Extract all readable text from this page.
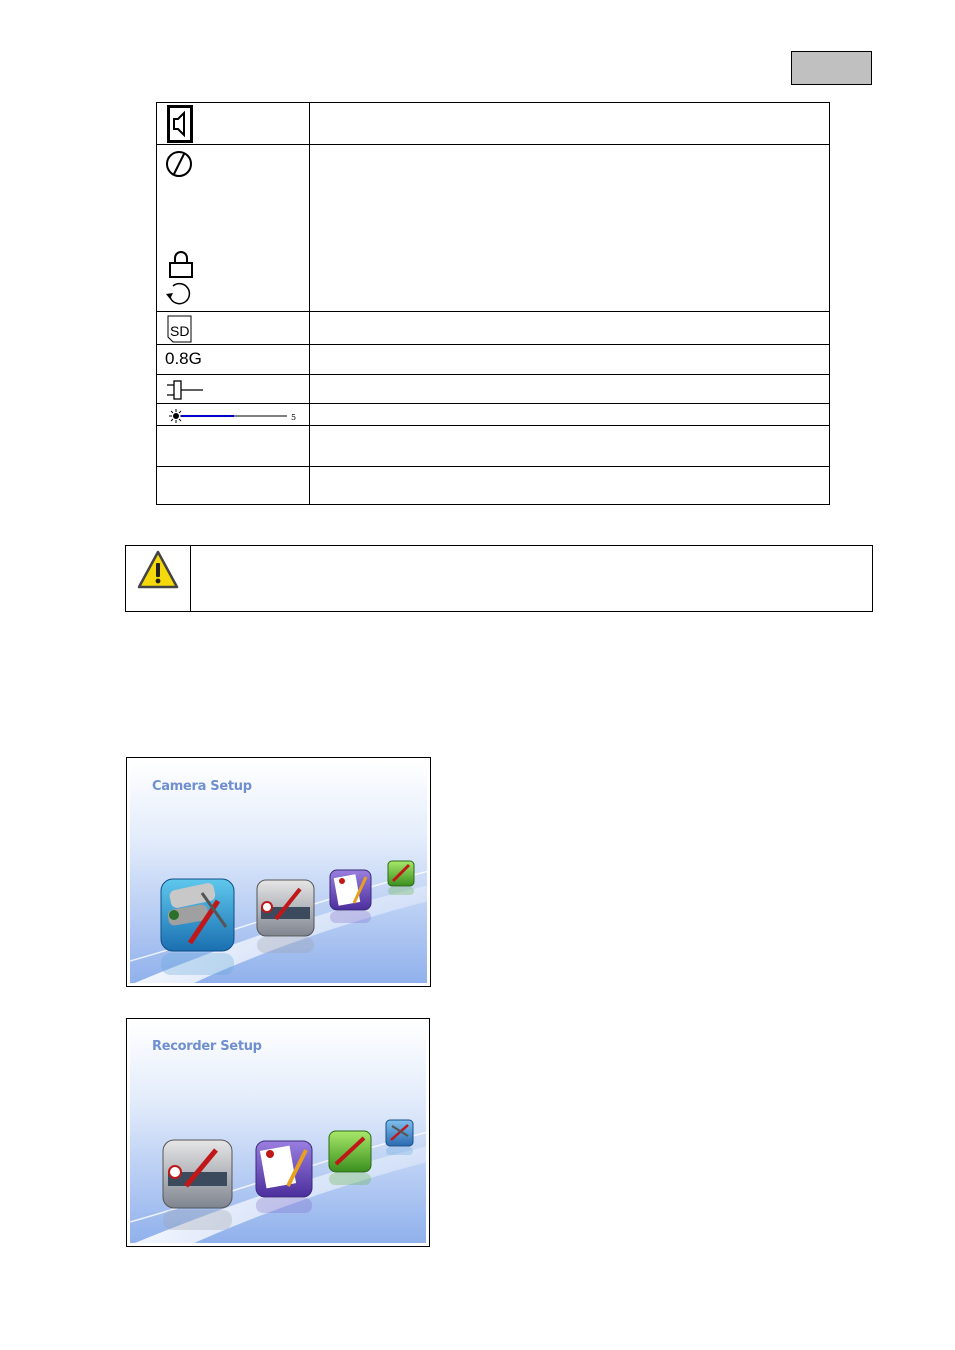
SD	

0.8G	

5	

Camera Setup
Recorder Setup
